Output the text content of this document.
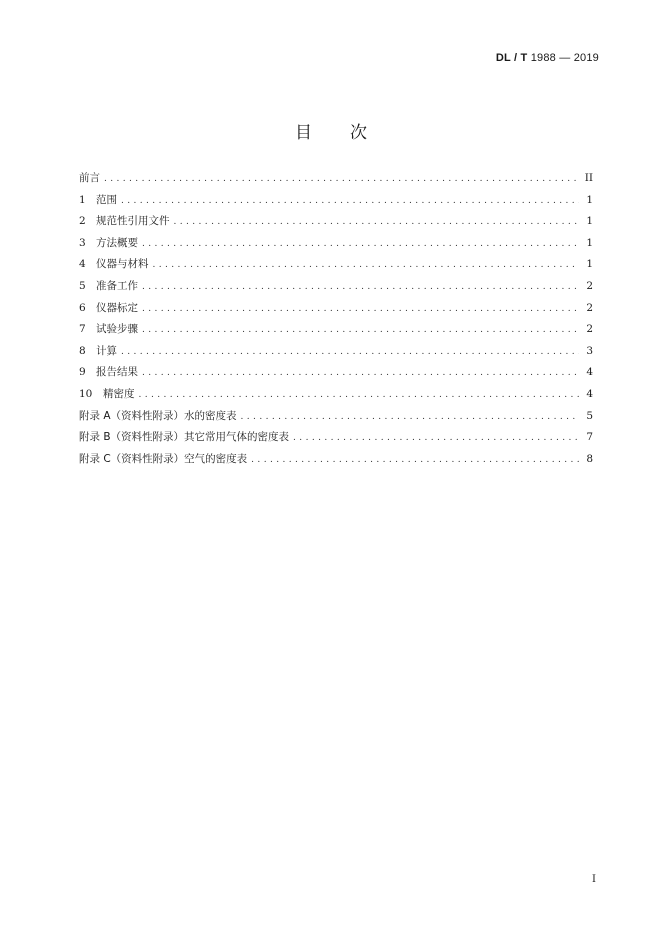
DL / T 1988 — 2019
目次
前言 .....	II
1 范围 .....	1
2 规范性引用文件 .....	1
3 方法概要 .....	1
4 仪器与材料 .....	1
5 准备工作 .....	2
6 仪器标定 .....	2
7 试验步骤 .....	2
8 计算 .....	3
9 报告结果 .....	4
10	精密度 .....	4
附录 A（资料性附录）水的密度表 .....	5
附录 B（资料性附录）其它常用气体的密度表 .....	7
附录 C（资料性附录）空气的密度表 .....	8
I
